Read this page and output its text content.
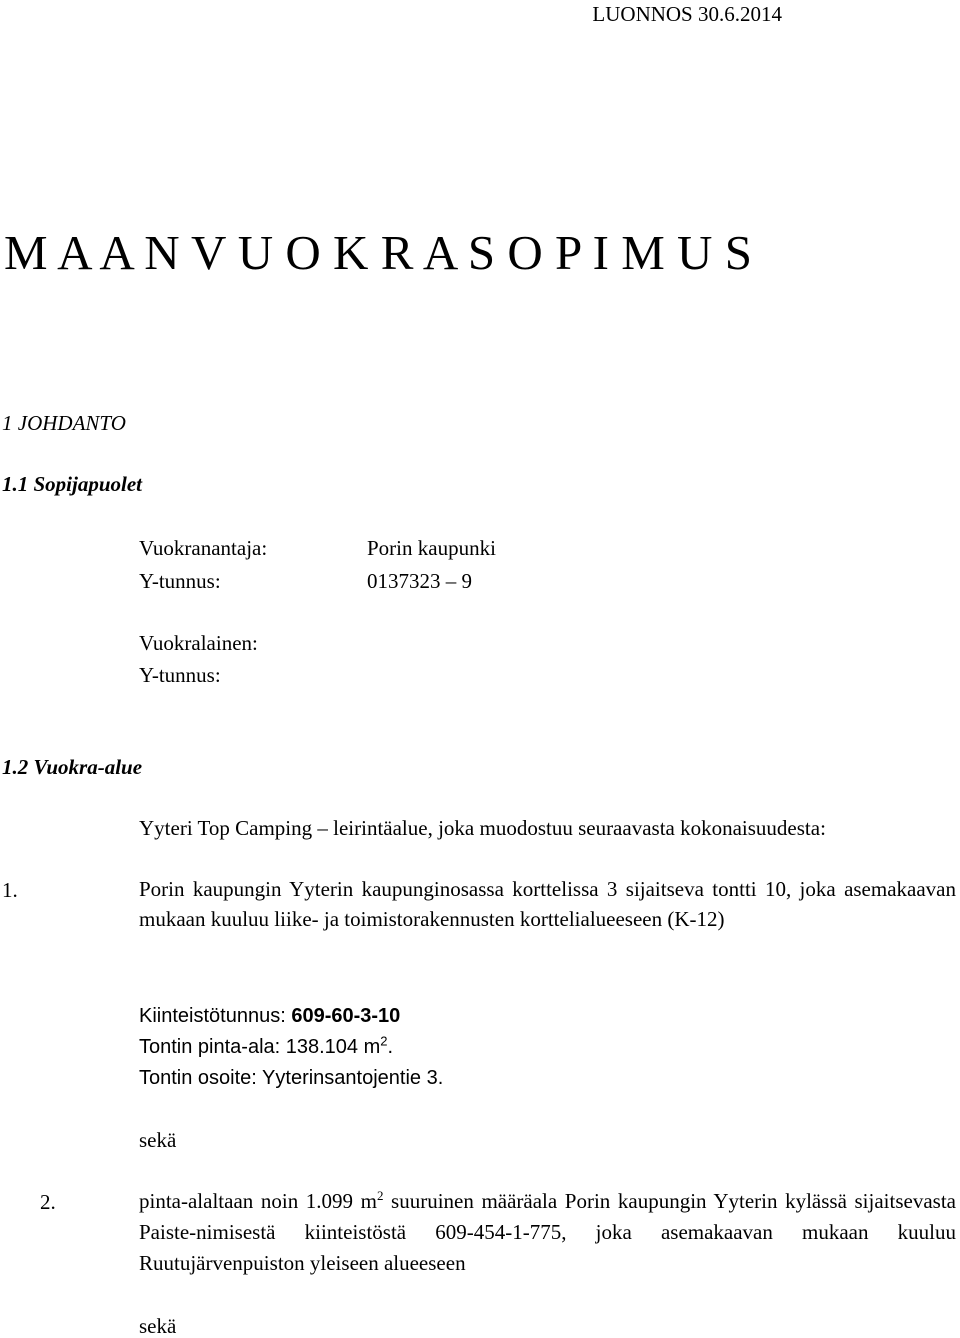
LUONNOS 30.6.2014
M A A N V U O K R A S O P I M U S
1 JOHDANTO
1.1 Sopijapuolet
Vuokranantaja:	Porin kaupunki
Y-tunnus:	0137323 – 9
Vuokralainen:
Y-tunnus:
1.2 Vuokra-alue
Yyteri Top Camping – leirintäalue, joka muodostuu seuraavasta kokonaisuudesta:
1.	Porin kaupungin Yyterin kaupunginosassa korttelissa 3 sijaitseva tontti 10, joka asemakaavan mukaan kuuluu liike- ja toimistorakennusten korttelialueeseen (K-12)
Kiinteistötunnus: 609-60-3-10
Tontin pinta-ala: 138.104 $m^2$.
Tontin osoite: Yyterinsantojentie 3.
sekä
2.	pinta-alaltaan noin 1.099 $m^2$ suuruinen määräala Porin kaupungin Yyterin kylässä sijaitsevasta Paiste-nimisestä kiinteistöstä 609-454-1-775, joka asemakaavan mukaan kuuluu Ruutujärvenpuiston yleiseen alueeseen
sekä
